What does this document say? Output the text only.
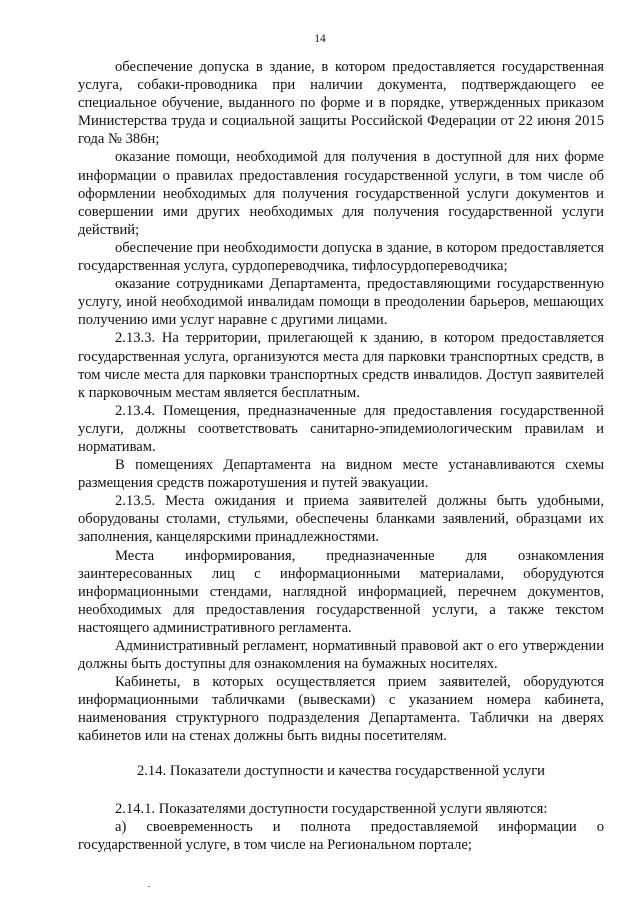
14

обеспечение допуска в здание, в котором предоставляется государственная услуга, собаки-проводника при наличии документа, подтверждающего ее специальное обучение, выданного по форме и в порядке, утвержденных приказом Министерства труда и социальной защиты Российской Федерации от 22 июня 2015 года № 386н;

оказание помощи, необходимой для получения в доступной для них форме информации о правилах предоставления государственной услуги, в том числе об оформлении необходимых для получения государственной услуги документов и совершении ими других необходимых для получения государственной услуги действий;

обеспечение при необходимости допуска в здание, в котором предоставляется государственная услуга, сурдопереводчика, тифлосурдопереводчика;

оказание сотрудниками Департамента, предоставляющими государственную услугу, иной необходимой инвалидам помощи в преодолении барьеров, мешающих получению ими услуг наравне с другими лицами.

2.13.3. На территории, прилегающей к зданию, в котором предоставляется государственная услуга, организуются места для парковки транспортных средств, в том числе места для парковки транспортных средств инвалидов. Доступ заявителей к парковочным местам является бесплатным.

2.13.4. Помещения, предназначенные для предоставления государственной услуги, должны соответствовать санитарно-эпидемиологическим правилам и нормативам.

В помещениях Департамента на видном месте устанавливаются схемы размещения средств пожаротушения и путей эвакуации.

2.13.5. Места ожидания и приема заявителей должны быть удобными, оборудованы столами, стульями, обеспечены бланками заявлений, образцами их заполнения, канцелярскими принадлежностями.

Места информирования, предназначенные для ознакомления заинтересованных лиц с информационными материалами, оборудуются информационными стендами, наглядной информацией, перечнем документов, необходимых для предоставления государственной услуги, а также текстом настоящего административного регламента.

Административный регламент, нормативный правовой акт о его утверждении должны быть доступны для ознакомления на бумажных носителях.

Кабинеты, в которых осуществляется прием заявителей, оборудуются информационными табличками (вывесками) с указанием номера кабинета, наименования структурного подразделения Департамента. Таблички на дверях кабинетов или на стенах должны быть видны посетителям.

2.14. Показатели доступности и качества государственной услуги

2.14.1. Показателями доступности государственной услуги являются:

а) своевременность и полнота предоставляемой информации о государственной услуге, в том числе на Региональном портале;
